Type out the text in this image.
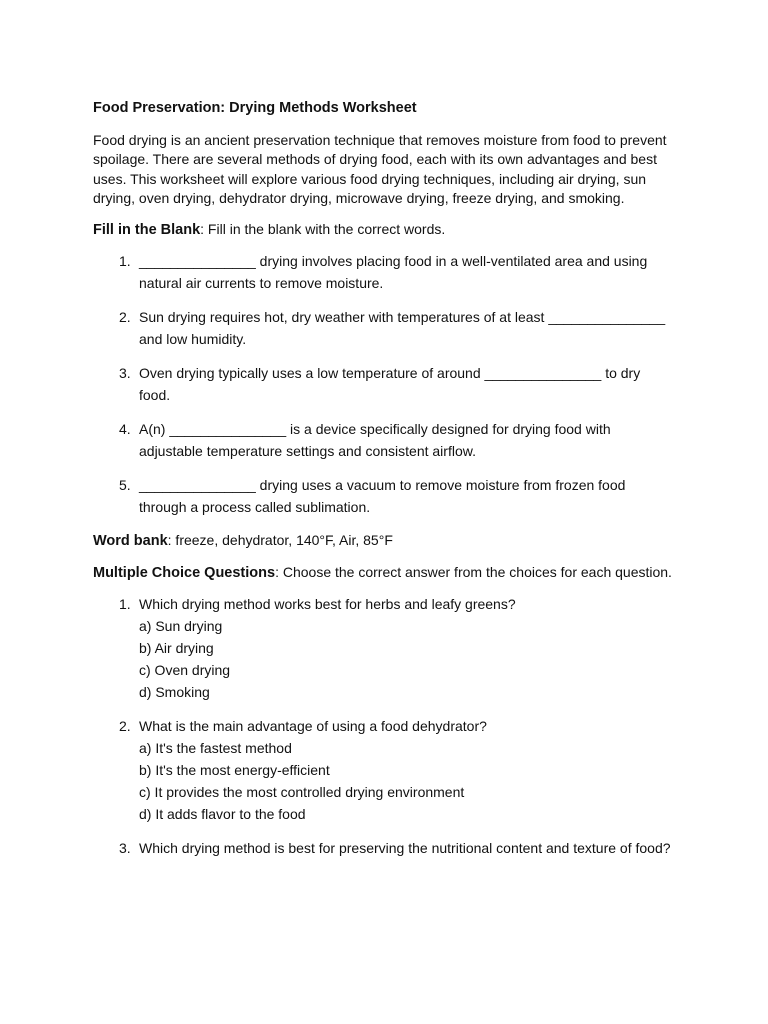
Food Preservation: Drying Methods Worksheet

Food drying is an ancient preservation technique that removes moisture from food to prevent spoilage. There are several methods of drying food, each with its own advantages and best uses. This worksheet will explore various food drying techniques, including air drying, sun drying, oven drying, dehydrator drying, microwave drying, freeze drying, and smoking.

Fill in the Blank: Fill in the blank with the correct words.
1. _______________ drying involves placing food in a well-ventilated area and using natural air currents to remove moisture.
2. Sun drying requires hot, dry weather with temperatures of at least _______________ and low humidity.
3. Oven drying typically uses a low temperature of around _______________ to dry food.
4. A(n) _______________ is a device specifically designed for drying food with adjustable temperature settings and consistent airflow.
5. _______________ drying uses a vacuum to remove moisture from frozen food through a process called sublimation.
Word bank: freeze, dehydrator, 140°F, Air, 85°F
Multiple Choice Questions: Choose the correct answer from the choices for each question.
1. Which drying method works best for herbs and leafy greens?
a) Sun drying
b) Air drying
c) Oven drying
d) Smoking
2. What is the main advantage of using a food dehydrator?
a) It's the fastest method
b) It's the most energy-efficient
c) It provides the most controlled drying environment
d) It adds flavor to the food
3. Which drying method is best for preserving the nutritional content and texture of food?
